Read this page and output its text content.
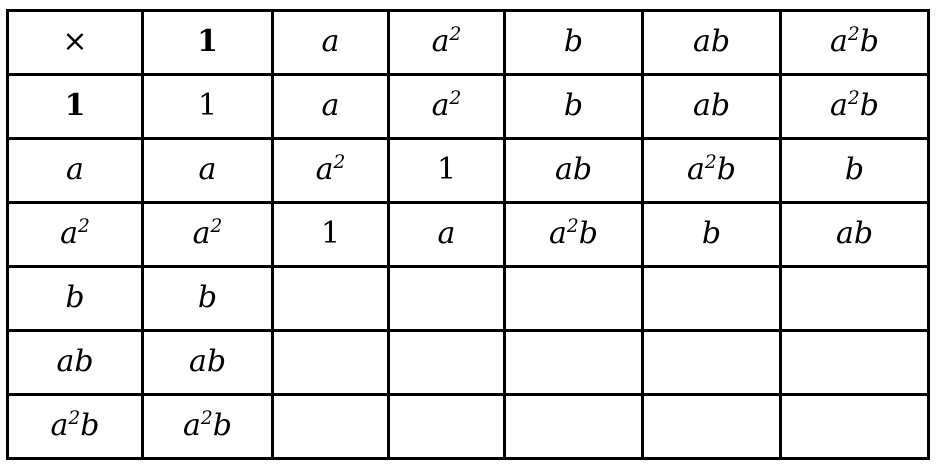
×	1	a	$a^2$	b	ab	$a^2b$
1	1	a	$a^2$	b	ab	$a^2b$
a	a	$a^2$	1	ab	$a^2b$	b
$a^2$	$a^2$	1	a	$a^2b$	b	ab
b	b					
ab	ab					
$a^2b$	$a^2b$					
